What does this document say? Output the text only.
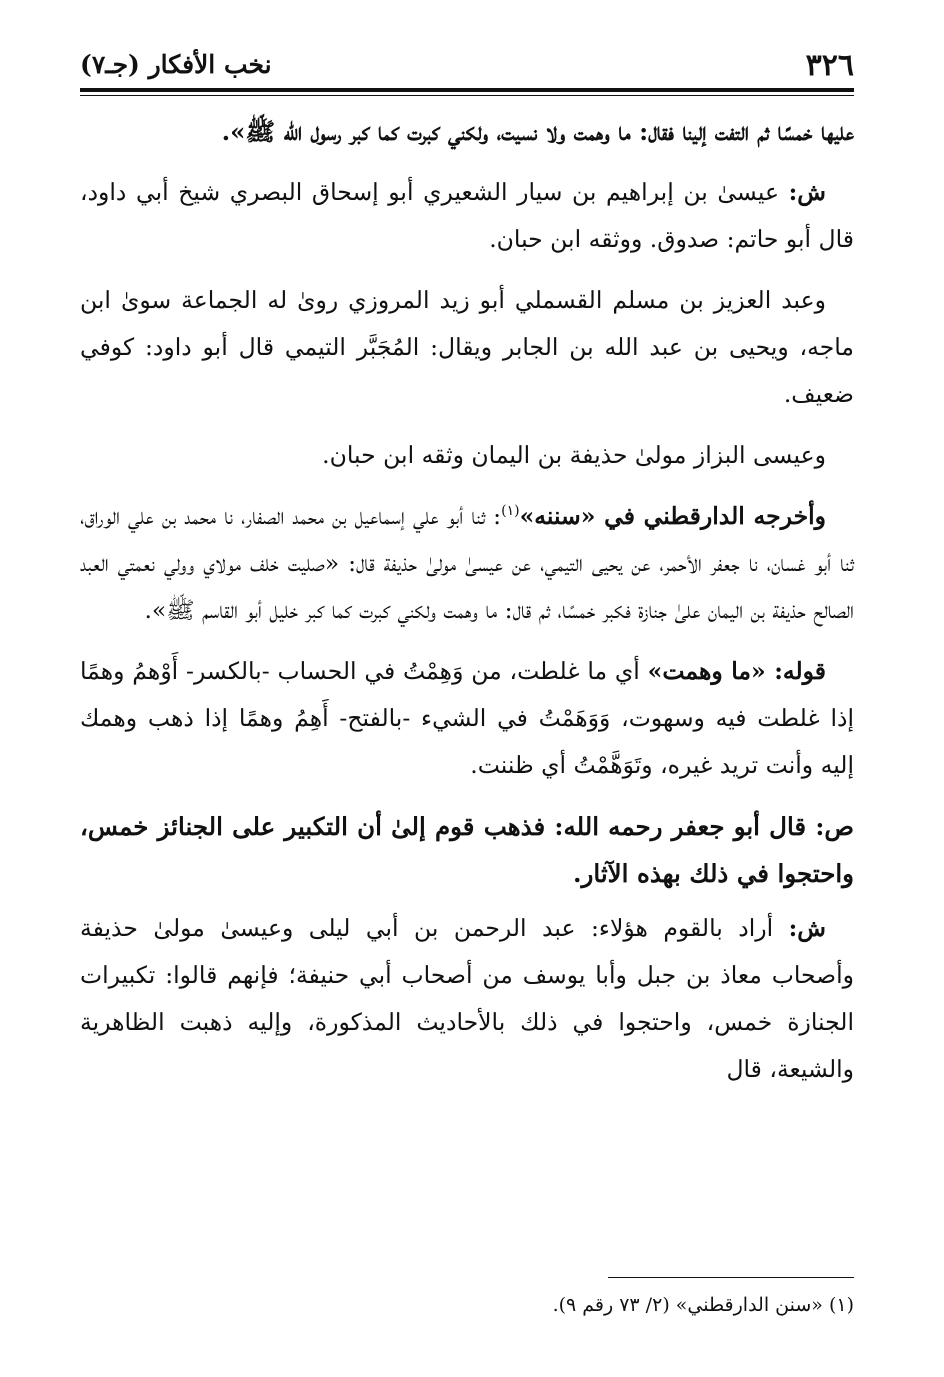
٣٢٦
نخب الأفكار (جـ٧)

عليها خمسًا ثم التفت إلينا فقال: ما وهمت ولا نسيت، ولكني كبرت كما كبر رسول الله ﷺ».

ش: عيسىٰ بن إبراهيم بن سيار الشعيري أبو إسحاق البصري شيخ أبي داود، قال أبو حاتم: صدوق. ووثقه ابن حبان.

وعبد العزيز بن مسلم القسملي أبو زيد المروزي روىٰ له الجماعة سوىٰ ابن ماجه، ويحيى بن عبد الله بن الجابر ويقال: المُجَبَّر التيمي قال أبو داود: كوفي ضعيف.

وعيسى البزاز مولىٰ حذيفة بن اليمان وثقه ابن حبان.

وأخرجه الدارقطني في «سننه»$^{(١)}$: ثنا أبو علي إسماعيل بن محمد الصفار، نا محمد بن علي الوراق، ثنا أبو غسان، نا جعفر الأحمر، عن يحيى التيمي، عن عيسىٰ مولىٰ حذيفة قال: «صليت خلف مولاي وولي نعمتي العبد الصالح حذيفة بن اليمان علىٰ جنازة فكبر خمسًا، ثم قال: ما وهمت ولكني كبرت كما كبر خليل أبو القاسم ﷺ».

قوله: «ما وهمت» أي ما غلطت، من وَهِمْتُ في الحساب -بالكسر- أَوْهمُ وهمًا إذا غلطت فيه وسهوت، وَوَهَمْتُ في الشيء -بالفتح- أَهِمُ وهمًا إذا ذهب وهمك إليه وأنت تريد غيره، وتَوَهَّمْتُ أي ظننت.

ص: قال أبو جعفر رحمه الله: فذهب قوم إلىٰ أن التكبير على الجنائز خمس، واحتجوا في ذلك بهذه الآثار.

ش: أراد بالقوم هؤلاء: عبد الرحمن بن أبي ليلى وعيسىٰ مولىٰ حذيفة وأصحاب معاذ بن جبل وأبا يوسف من أصحاب أبي حنيفة؛ فإنهم قالوا: تكبيرات الجنازة خمس، واحتجوا في ذلك بالأحاديث المذكورة، وإليه ذهبت الظاهرية والشيعة، قال

(١) «سنن الدارقطني» (٢/ ٧٣ رقم ٩).
